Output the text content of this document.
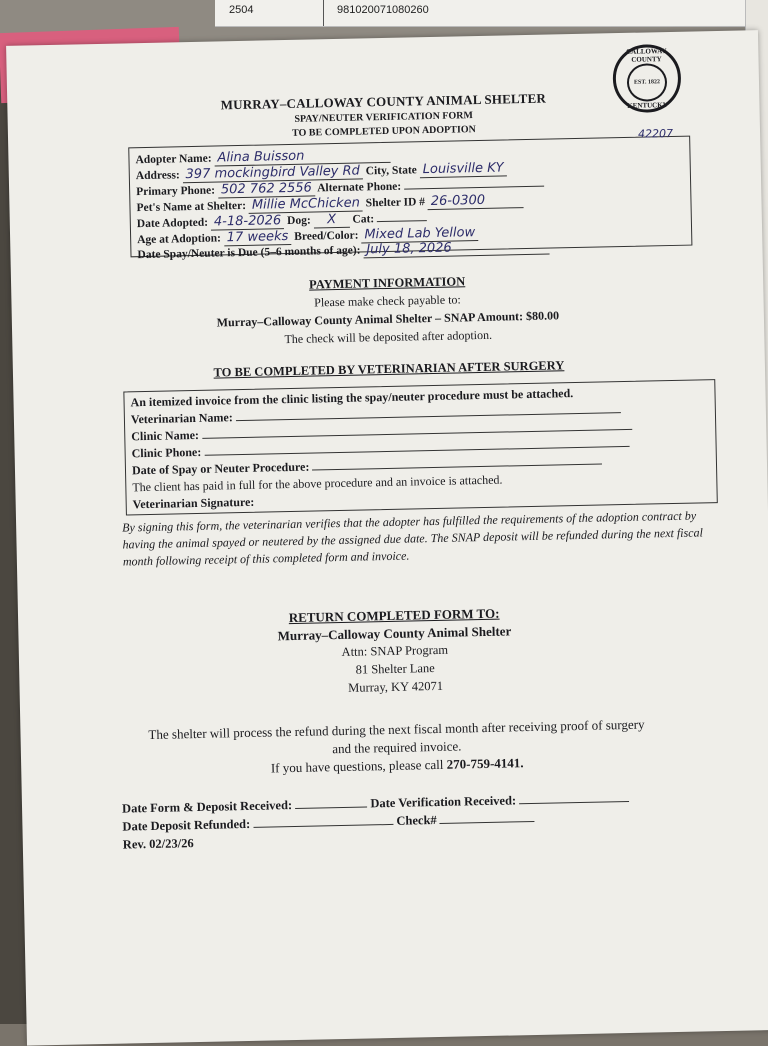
2504	981020071080260
CALLOWAY COUNTY
EST. 1822
KENTUCKY
MURRAY–CALLOWAY COUNTY ANIMAL SHELTER
SPAY/NEUTER VERIFICATION FORM
TO BE COMPLETED UPON ADOPTION
Adopter Name: Alina Buisson
42207
Address: 397 mockingbird Valley Rd City, State Louisville KY
Primary Phone: 502 762 2556 Alternate Phone:
Pet's Name at Shelter: Millie McChicken Shelter ID # 26-0300
Date Adopted: 4-18-2026 Dog: X Cat:
Age at Adoption: 17 weeks Breed/Color: Mixed Lab Yellow
Date Spay/Neuter is Due (5–6 months of age): July 18, 2026
PAYMENT INFORMATION
Please make check payable to:
Murray–Calloway County Animal Shelter – SNAP Amount: $80.00
The check will be deposited after adoption.
TO BE COMPLETED BY VETERINARIAN AFTER SURGERY
An itemized invoice from the clinic listing the spay/neuter procedure must be attached.
Veterinarian Name:
Clinic Name:
Clinic Phone:
Date of Spay or Neuter Procedure:
The client has paid in full for the above procedure and an invoice is attached.
Veterinarian Signature:
By signing this form, the veterinarian verifies that the adopter has fulfilled the requirements of the adoption contract by having the animal spayed or neutered by the assigned due date. The SNAP deposit will be refunded during the next fiscal month following receipt of this completed form and invoice.
RETURN COMPLETED FORM TO:
Murray–Calloway County Animal Shelter
Attn: SNAP Program
81 Shelter Lane
Murray, KY 42071
The shelter will process the refund during the next fiscal month after receiving proof of surgery
and the required invoice.
If you have questions, please call 270-759-4141.
Date Form & Deposit Received:	Date Verification Received:
Date Deposit Refunded:	Check#
Rev. 02/23/26
